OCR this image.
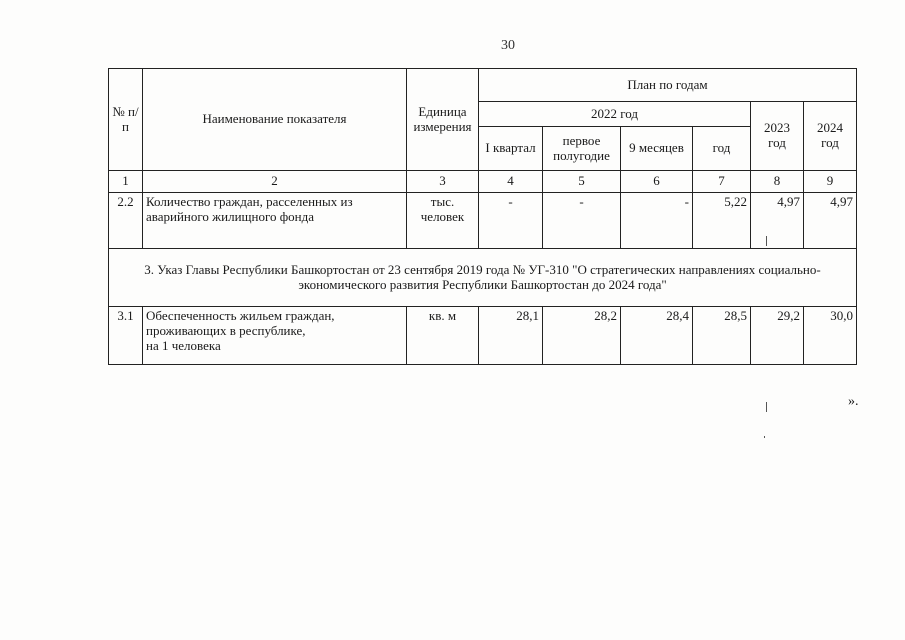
30
№ п/п	Наименование показателя	Единица измерения	План по годам					
			2022 год				2023 год	2024 год
			I квартал	первое полугодие	9 месяцев	год		
1	2	3	4	5	6	7	8	9
2.2	Количество граждан, расселенных из аварийного жилищного фонда	тыс. человек	-	-	-	5,22	4,97	4,97
3. Указ Главы Республики Башкортостан от 23 сентября 2019 года № УГ-310 "О стратегических направлениях социально-экономического развития Республики Башкортостан до 2024 года"								
3.1	Обеспеченность жильем граждан,
проживающих в республике,
на 1 человека	кв. м	28,1	28,2	28,4	28,5	29,2	30,0
».
